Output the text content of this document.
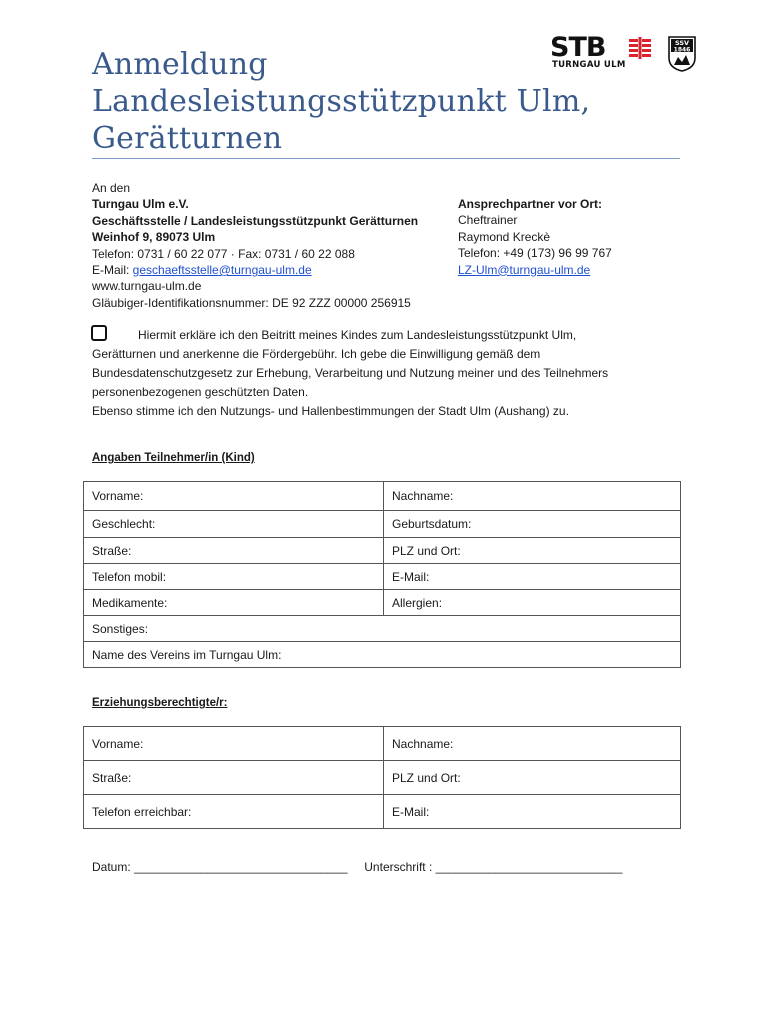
Anmeldung
Landesleistungsstützpunkt Ulm,
Gerätturnen
STB
TURNGAU ULM
SSV
1846
An den
Turngau Ulm e.V.
Geschäftsstelle / Landesleistungsstützpunkt Gerätturnen
Weinhof 9, 89073 Ulm
Telefon: 0731 / 60 22 077 · Fax: 0731 / 60 22 088
E-Mail: geschaeftsstelle@turngau-ulm.de
www.turngau-ulm.de
Gläubiger-Identifikationsnummer: DE 92 ZZZ 00000 256915
Ansprechpartner vor Ort:
Cheftrainer
Raymond Kreckè
Telefon: +49 (173) 96 99 767
LZ-Ulm@turngau-ulm.de
Hiermit erkläre ich den Beitritt meines Kindes zum Landesleistungsstützpunkt Ulm,
Gerätturnen und anerkenne die Fördergebühr. Ich gebe die Einwilligung gemäß dem
Bundesdatenschutzgesetz zur Erhebung, Verarbeitung und Nutzung meiner und des Teilnehmers
personenbezogenen geschützten Daten.
Ebenso stimme ich den Nutzungs- und Hallenbestimmungen der Stadt Ulm (Aushang) zu.
Angaben Teilnehmer/in (Kind)
Vorname:	Nachname:
Geschlecht:	Geburtsdatum:
Straße:	PLZ und Ort:
Telefon mobil:	E-Mail:
Medikamente:	Allergien:
Sonstiges:	
Name des Vereins im Turngau Ulm:	
Erziehungsberechtigte/r:
Vorname:	Nachname:
Straße:	PLZ und Ort:
Telefon erreichbar:	E-Mail:
Datum: ________________________________ Unterschrift : ____________________________
